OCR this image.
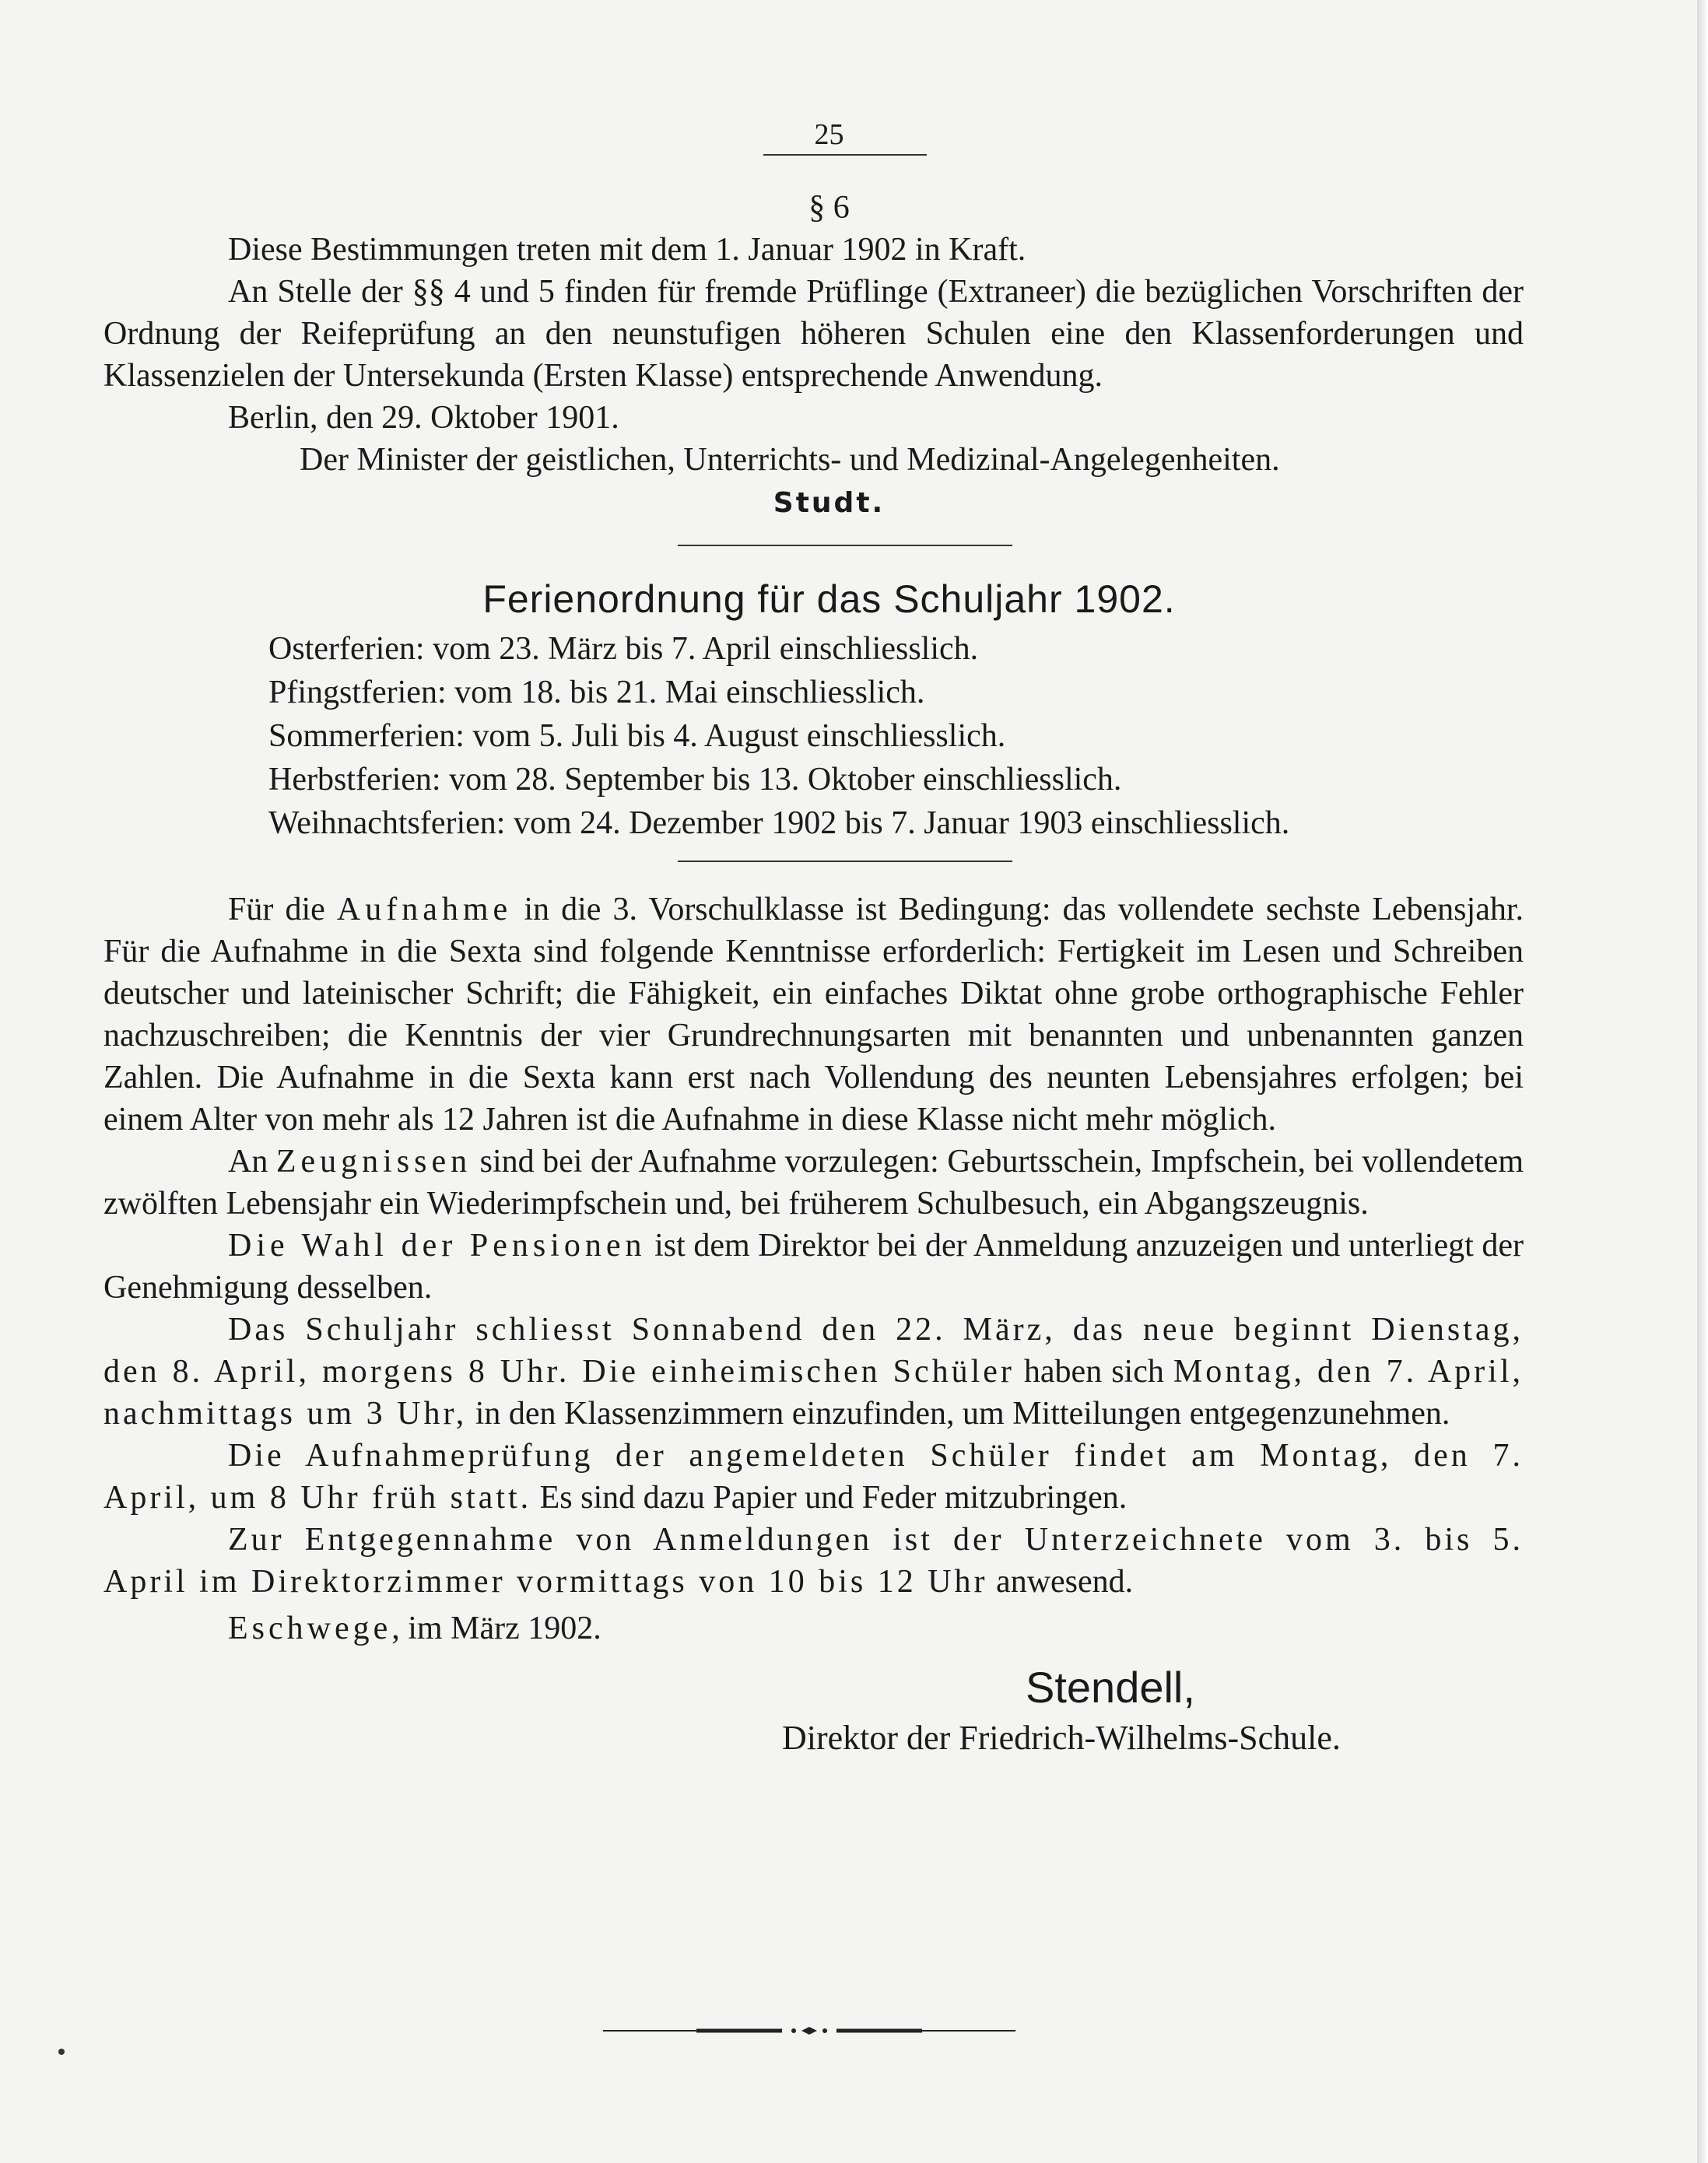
25
§ 6

Diese Bestimmungen treten mit dem 1. Januar 1902 in Kraft.

An Stelle der §§ 4 und 5 finden für fremde Prüflinge (Extraneer) die bezüglichen Vorschriften der Ordnung der Reifeprüfung an den neunstufigen höheren Schulen eine den Klassenforderungen und Klassenzielen der Untersekunda (Ersten Klasse) entsprechende Anwendung.

Berlin, den 29. Oktober 1901.

Der Minister der geistlichen, Unterrichts- und Medizinal-Angelegenheiten.

Studt.
Ferienordnung für das Schuljahr 1902.
Osterferien: vom 23. März bis 7. April einschliesslich.
Pfingstferien: vom 18. bis 21. Mai einschliesslich.
Sommerferien: vom 5. Juli bis 4. August einschliesslich.
Herbstferien: vom 28. September bis 13. Oktober einschliesslich.
Weihnachtsferien: vom 24. Dezember 1902 bis 7. Januar 1903 einschliesslich.

Für die Aufnahme in die 3. Vorschulklasse ist Bedingung: das vollendete sechste Lebensjahr. Für die Aufnahme in die Sexta sind folgende Kenntnisse erforderlich: Fertigkeit im Lesen und Schreiben deutscher und lateinischer Schrift; die Fähigkeit, ein einfaches Diktat ohne grobe orthographische Fehler nachzuschreiben; die Kenntnis der vier Grundrechnungsarten mit benannten und unbenannten ganzen Zahlen. Die Aufnahme in die Sexta kann erst nach Vollendung des neunten Lebensjahres erfolgen; bei einem Alter von mehr als 12 Jahren ist die Aufnahme in diese Klasse nicht mehr möglich.

An Zeugnissen sind bei der Aufnahme vorzulegen: Geburtsschein, Impfschein, bei vollendetem zwölften Lebensjahr ein Wiederimpfschein und, bei früherem Schulbesuch, ein Abgangszeugnis.

Die Wahl der Pensionen ist dem Direktor bei der Anmeldung anzuzeigen und unterliegt der Genehmigung desselben.

Das Schuljahr schliesst Sonnabend den 22. März, das neue beginnt Dienstag, den 8. April, morgens 8 Uhr. Die einheimischen Schüler haben sich Montag, den 7. April, nachmittags um 3 Uhr, in den Klassenzimmern einzufinden, um Mitteilungen entgegenzunehmen.

Die Aufnahmeprüfung der angemeldeten Schüler findet am Montag, den 7. April, um 8 Uhr früh statt. Es sind dazu Papier und Feder mitzubringen.

Zur Entgegennahme von Anmeldungen ist der Unterzeichnete vom 3. bis 5. April im Direktorzimmer vormittags von 10 bis 12 Uhr anwesend.

Eschwege, im März 1902.
Stendell,
Direktor der Friedrich-Wilhelms-Schule.
